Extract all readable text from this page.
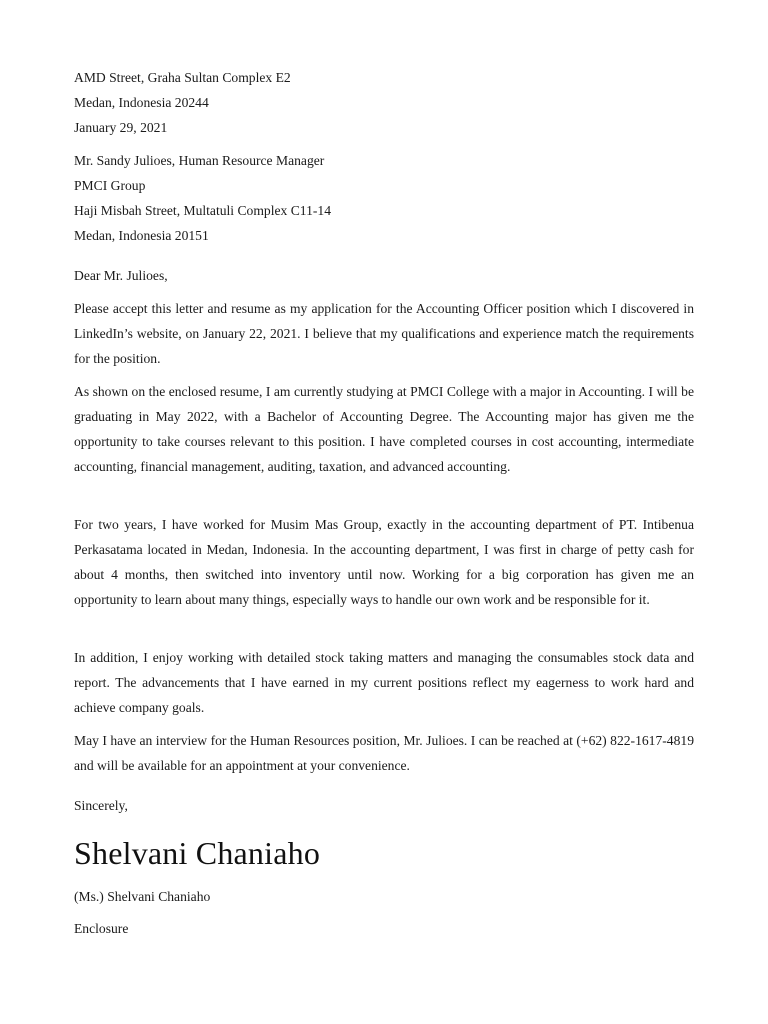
AMD Street, Graha Sultan Complex E2
Medan, Indonesia 20244
January 29, 2021
Mr. Sandy Julioes, Human Resource Manager
PMCI Group
Haji Misbah Street, Multatuli Complex C11-14
Medan, Indonesia 20151
Dear Mr. Julioes,

Please accept this letter and resume as my application for the Accounting Officer position which I discovered in LinkedIn’s website, on January 22, 2021. I believe that my qualifications and experience match the requirements for the position.

As shown on the enclosed resume, I am currently studying at PMCI College with a major in Accounting. I will be graduating in May 2022, with a Bachelor of Accounting Degree. The Accounting major has given me the opportunity to take courses relevant to this position. I have completed courses in cost accounting, intermediate accounting, financial management, auditing, taxation, and advanced accounting.

For two years, I have worked for Musim Mas Group, exactly in the accounting department of PT. Intibenua Perkasatama located in Medan, Indonesia. In the accounting department, I was first in charge of petty cash for about 4 months, then switched into inventory until now. Working for a big corporation has given me an opportunity to learn about many things, especially ways to handle our own work and be responsible for it.

In addition, I enjoy working with detailed stock taking matters and managing the consumables stock data and report. The advancements that I have earned in my current positions reflect my eagerness to work hard and achieve company goals.

May I have an interview for the Human Resources position, Mr. Julioes. I can be reached at (+62) 822-1617-4819 and will be available for an appointment at your convenience.

Sincerely,
Shelvani Chaniaho
(Ms.) Shelvani Chaniaho
Enclosure
